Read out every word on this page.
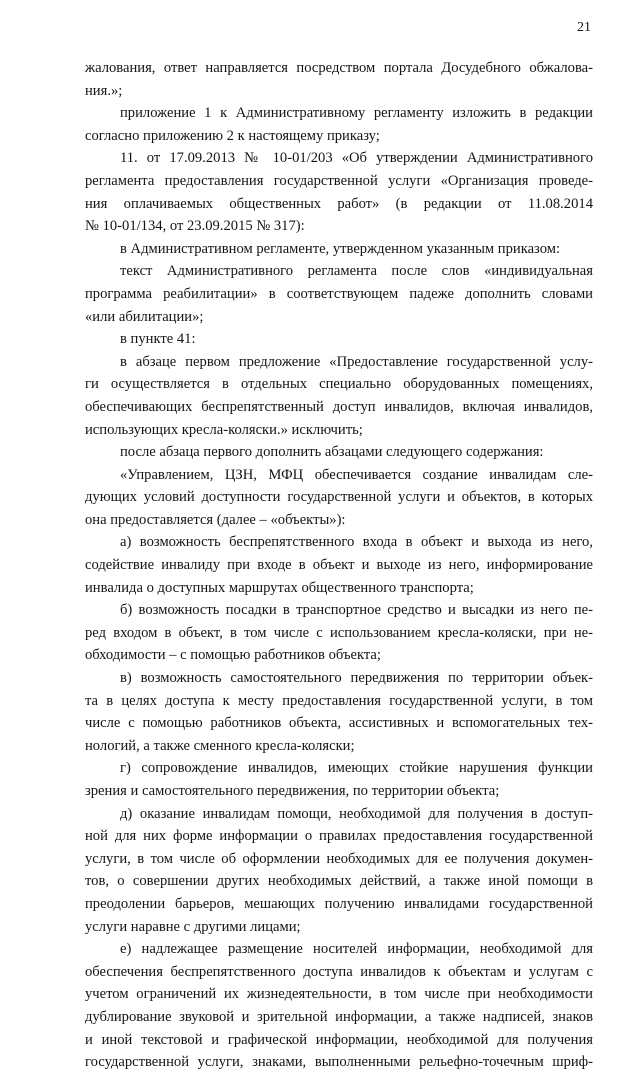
21
жалования, ответ направляется посредством портала Досудебного обжалова-
ния.»;
приложение 1 к Административному регламенту изложить в редакции
согласно приложению 2 к настоящему приказу;
11. от 17.09.2013 № 10-01/203 «Об утверждении Административного
регламента предоставления государственной услуги «Организация проведе-
ния оплачиваемых общественных работ» (в редакции от 11.08.2014
№ 10-01/134, от 23.09.2015 № 317):
в Административном регламенте, утвержденном указанным приказом:
текст Административного регламента после слов «индивидуальная
программа реабилитации» в соответствующем падеже дополнить словами
«или абилитации»;
в пункте 41:
в абзаце первом предложение «Предоставление государственной услу-
ги осуществляется в отдельных специально оборудованных помещениях,
обеспечивающих беспрепятственный доступ инвалидов, включая инвалидов,
использующих кресла-коляски.» исключить;
после абзаца первого дополнить абзацами следующего содержания:
«Управлением, ЦЗН, МФЦ обеспечивается создание инвалидам сле-
дующих условий доступности государственной услуги и объектов, в которых
она предоставляется (далее – «объекты»):
а) возможность беспрепятственного входа в объект и выхода из него,
содействие инвалиду при входе в объект и выходе из него, информирование
инвалида о доступных маршрутах общественного транспорта;
б) возможность посадки в транспортное средство и высадки из него пе-
ред входом в объект, в том числе с использованием кресла-коляски, при не-
обходимости – с помощью работников объекта;
в) возможность самостоятельного передвижения по территории объек-
та в целях доступа к месту предоставления государственной услуги, в том
числе с помощью работников объекта, ассистивных и вспомогательных тех-
нологий, а также сменного кресла-коляски;
г) сопровождение инвалидов, имеющих стойкие нарушения функции
зрения и самостоятельного передвижения, по территории объекта;
д) оказание инвалидам помощи, необходимой для получения в доступ-
ной для них форме информации о правилах предоставления государственной
услуги, в том числе об оформлении необходимых для ее получения докумен-
тов, о совершении других необходимых действий, а также иной помощи в
преодолении барьеров, мешающих получению инвалидами государственной
услуги наравне с другими лицами;
е) надлежащее размещение носителей информации, необходимой для
обеспечения беспрепятственного доступа инвалидов к объектам и услугам с
учетом ограничений их жизнедеятельности, в том числе при необходимости
дублирование звуковой и зрительной информации, а также надписей, знаков
и иной текстовой и графической информации, необходимой для получения
государственной услуги, знаками, выполненными рельефно-точечным шриф-
